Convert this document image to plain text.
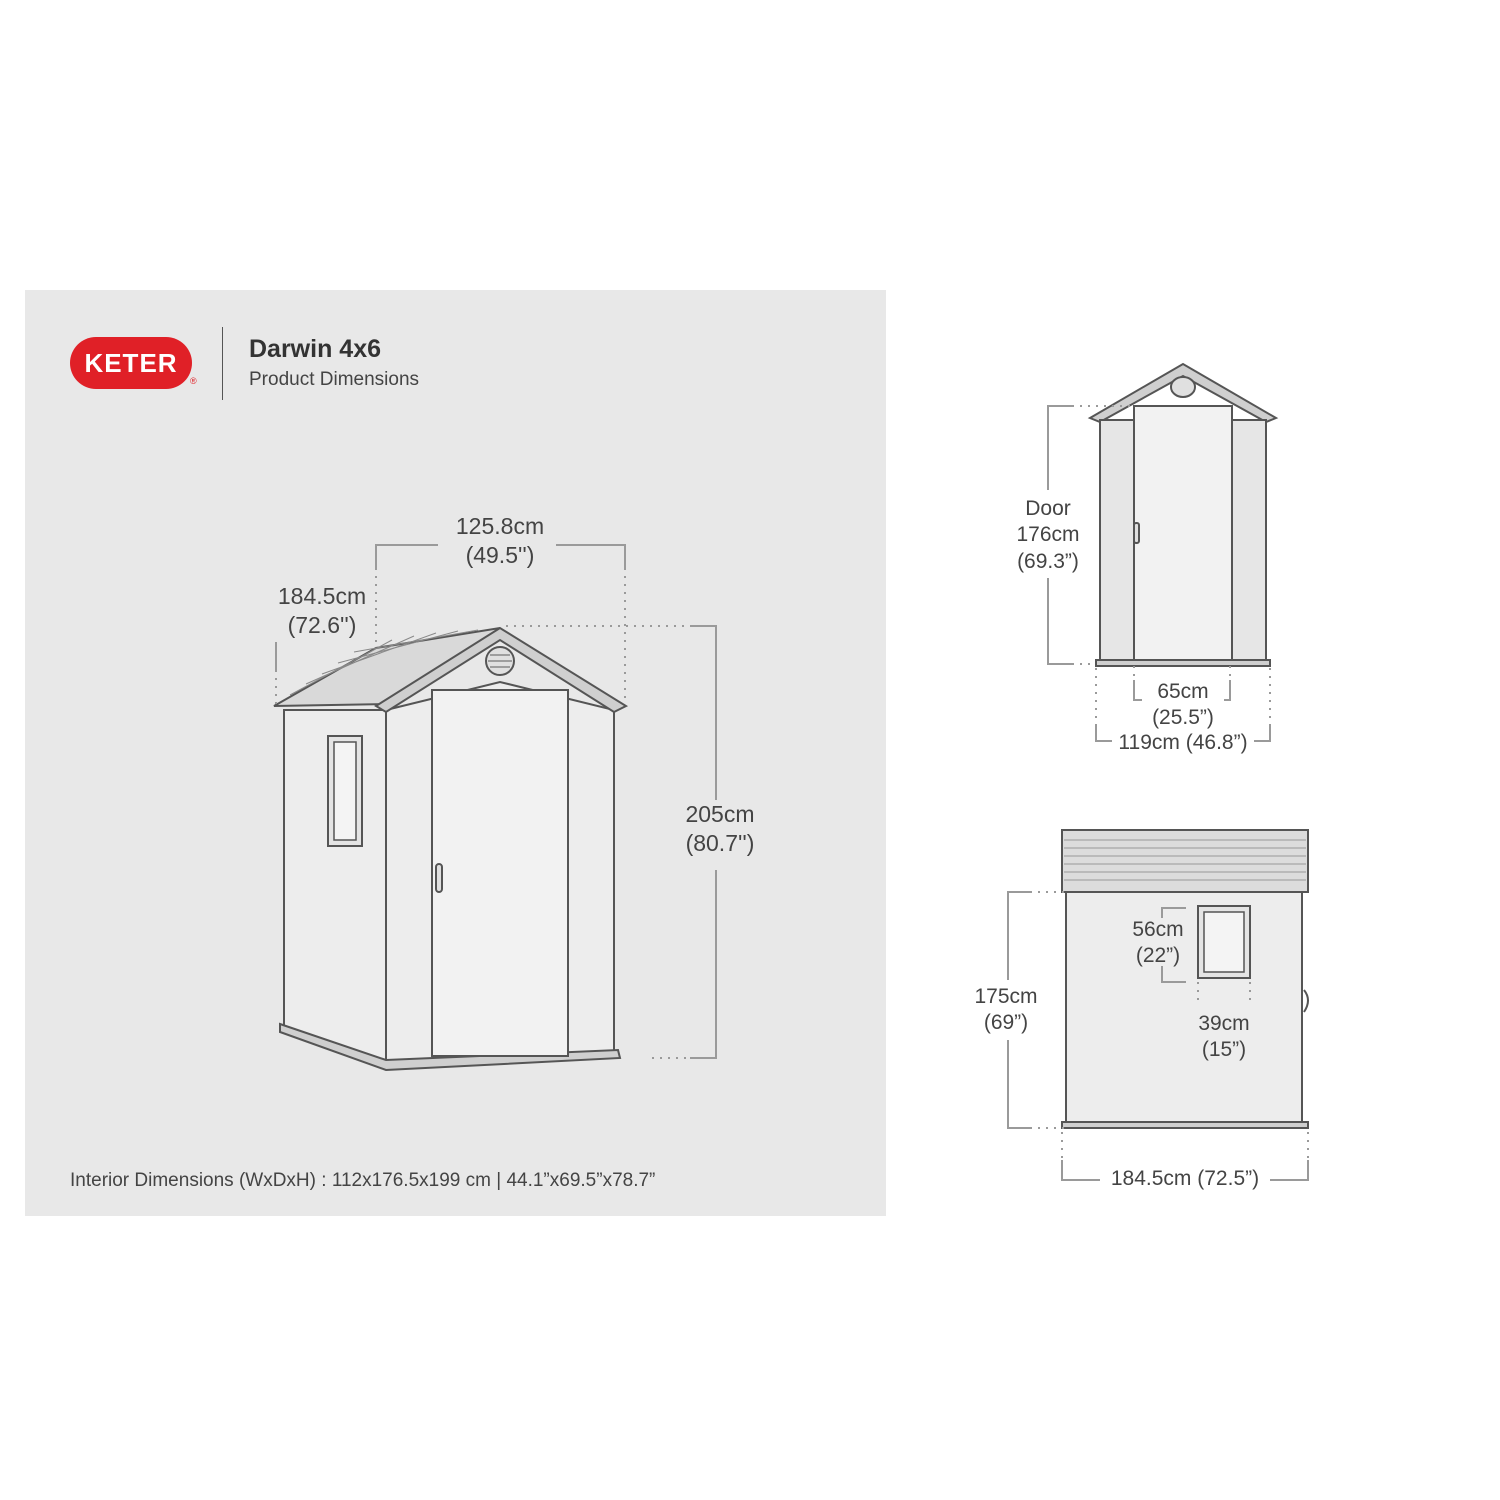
KETER
®
Darwin 4x6
Product Dimensions
125.8cm
(49.5'')
184.5cm
(72.6'')
205cm
(80.7'')
Door
176cm
(69.3”)
65cm
(25.5”)
119cm (46.8”)
175cm
(69”)
56cm
(22”)
39cm
(15”)
184.5cm (72.5”)
Interior Dimensions (WxDxH) : 112x176.5x199 cm | 44.1”x69.5”x78.7”
